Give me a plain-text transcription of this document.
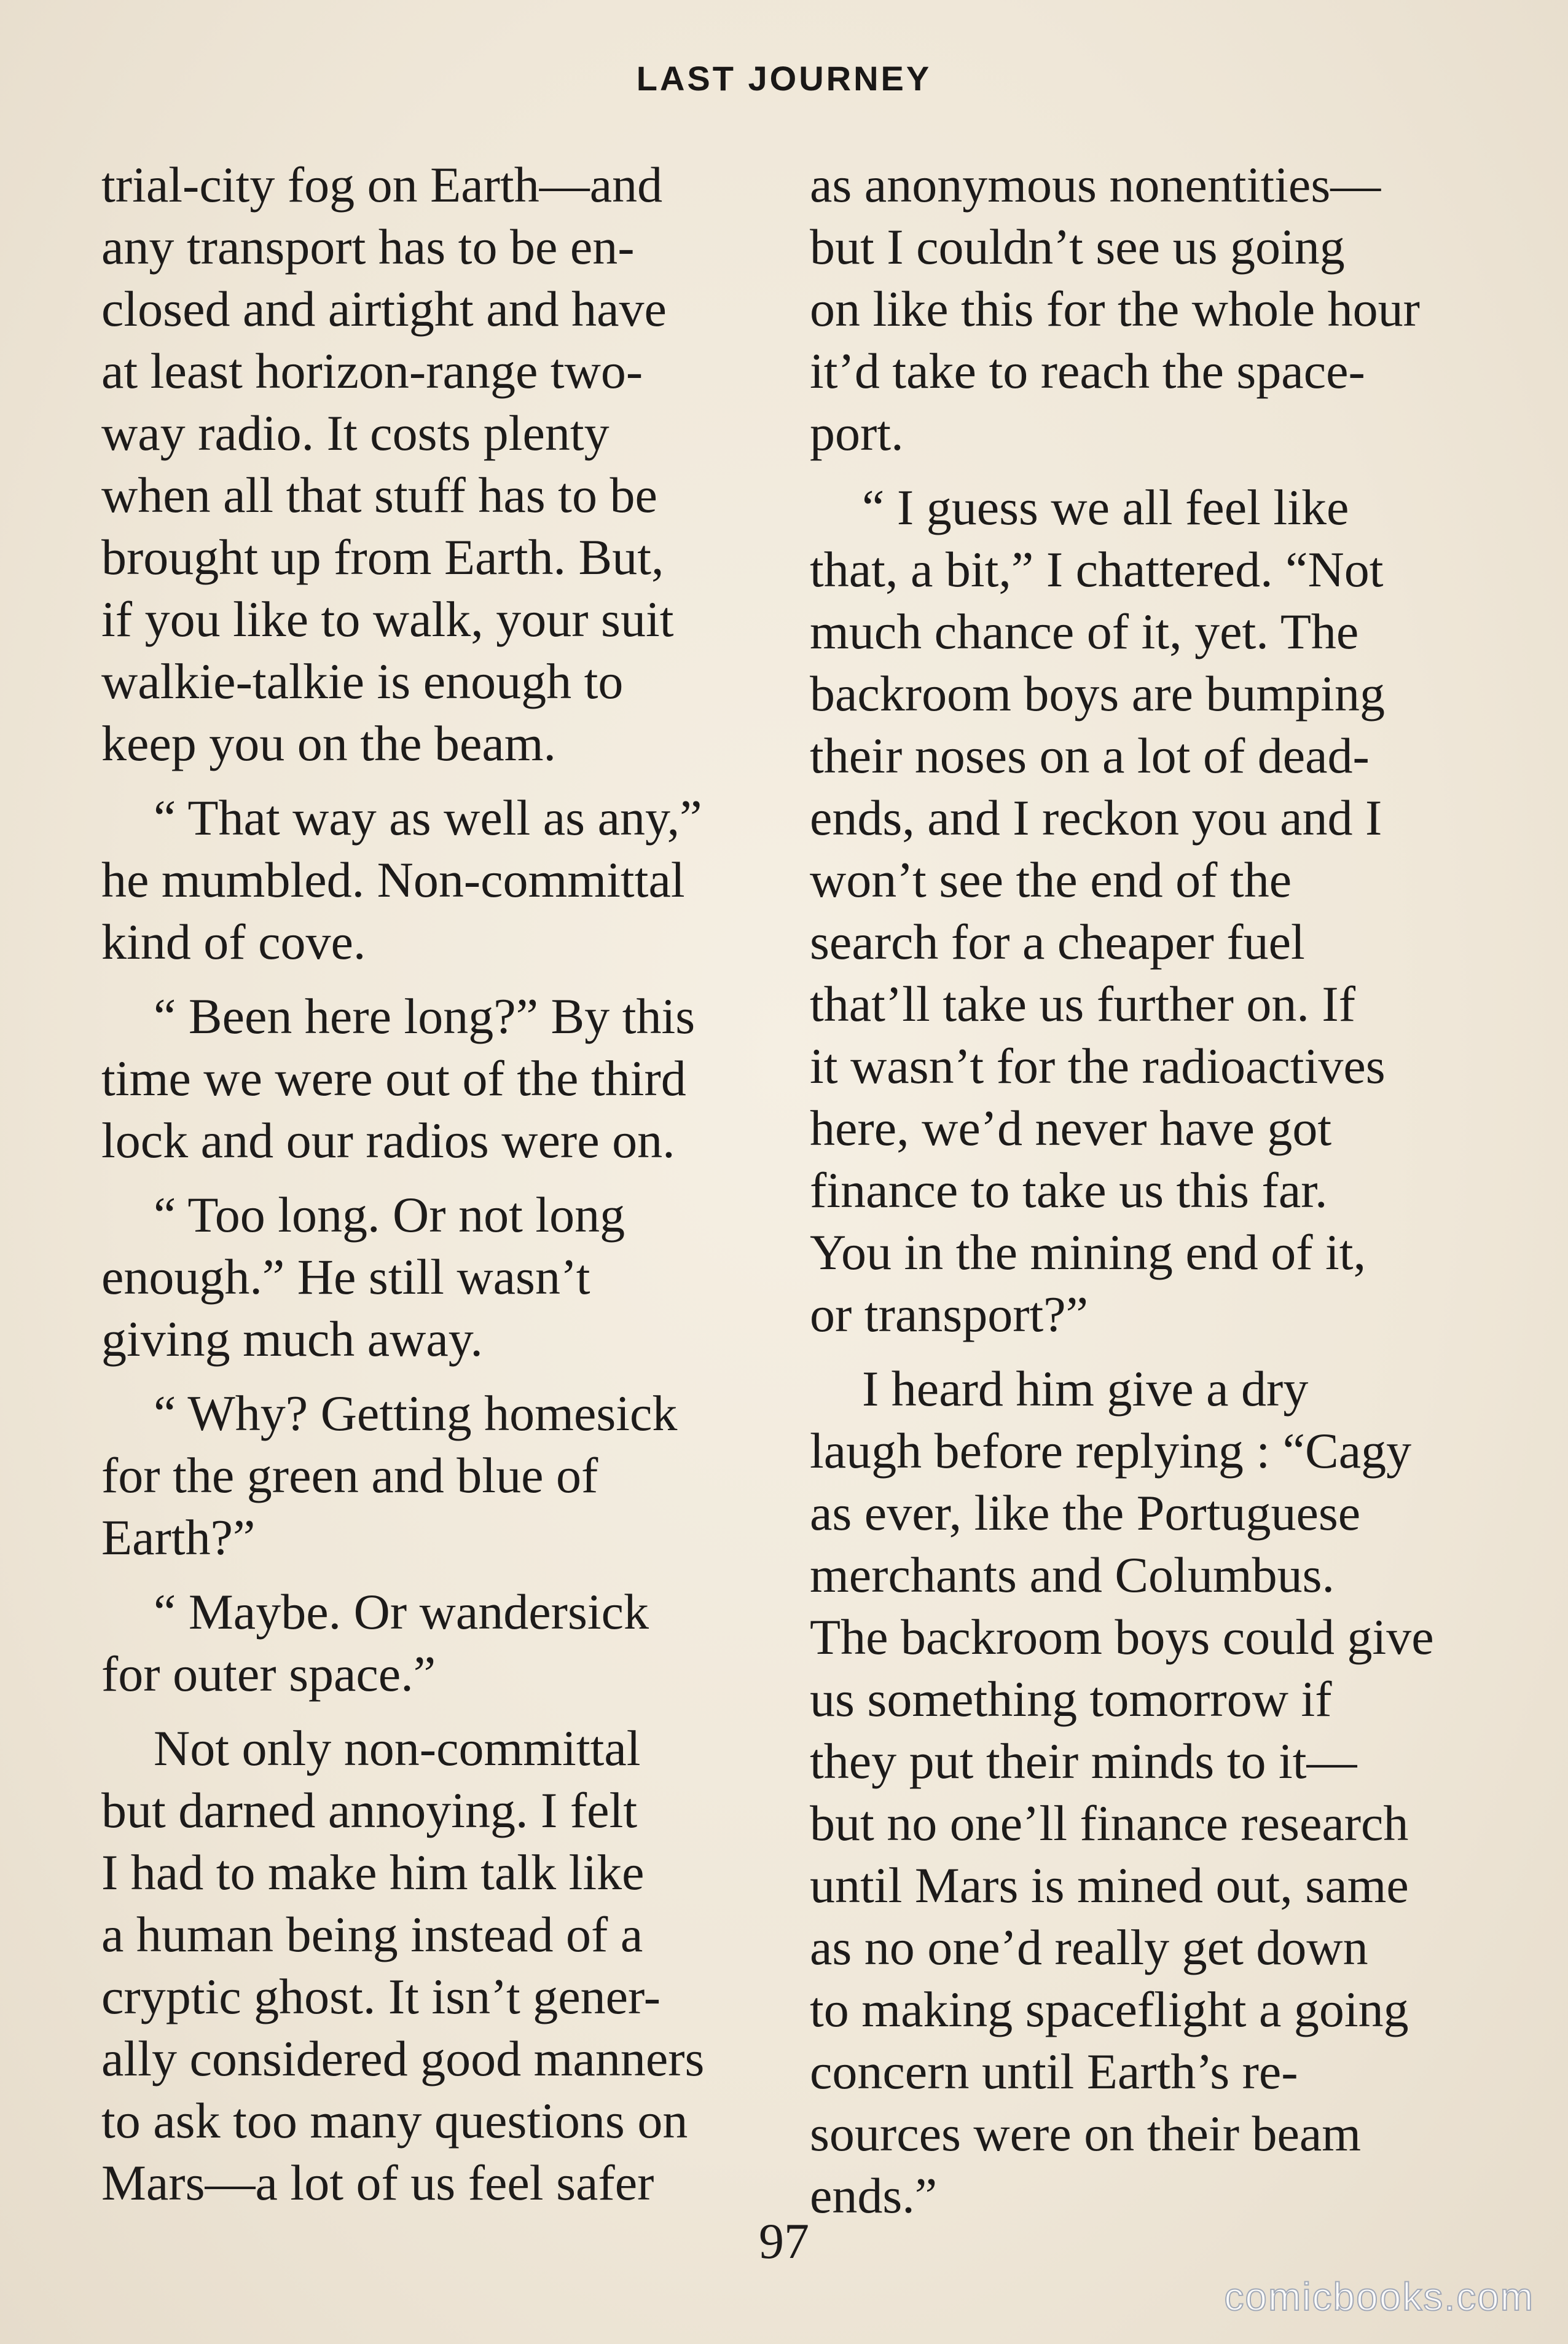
LAST JOURNEY

trial-city fog on Earth—and
any transport has to be en-
closed and airtight and have
at least horizon-range two-
way radio. It costs plenty
when all that stuff has to be
brought up from Earth. But,
if you like to walk, your suit
walkie-talkie is enough to
keep you on the beam.

“ That way as well as any,”
he mumbled. Non-committal
kind of cove.

“ Been here long?” By this
time we were out of the third
lock and our radios were on.

“ Too long. Or not long
enough.” He still wasn’t
giving much away.

“ Why? Getting homesick
for the green and blue of
Earth?”

“ Maybe. Or wandersick
for outer space.”

Not only non-committal
but darned annoying. I felt
I had to make him talk like
a human being instead of a
cryptic ghost. It isn’t gener-
ally considered good manners
to ask too many questions on
Mars—a lot of us feel safer

as anonymous nonentities—
but I couldn’t see us going
on like this for the whole hour
it’d take to reach the space-
port.

“ I guess we all feel like
that, a bit,” I chattered. “Not
much chance of it, yet. The
backroom boys are bumping
their noses on a lot of dead-
ends, and I reckon you and I
won’t see the end of the
search for a cheaper fuel
that’ll take us further on. If
it wasn’t for the radioactives
here, we’d never have got
finance to take us this far.
You in the mining end of it,
or transport?”

I heard him give a dry
laugh before replying : “Cagy
as ever, like the Portuguese
merchants and Columbus.
The backroom boys could give
us something tomorrow if
they put their minds to it—
but no one’ll finance research
until Mars is mined out, same
as no one’d really get down
to making spaceflight a going
concern until Earth’s re-
sources were on their beam
ends.”

97
comicbooks.com
